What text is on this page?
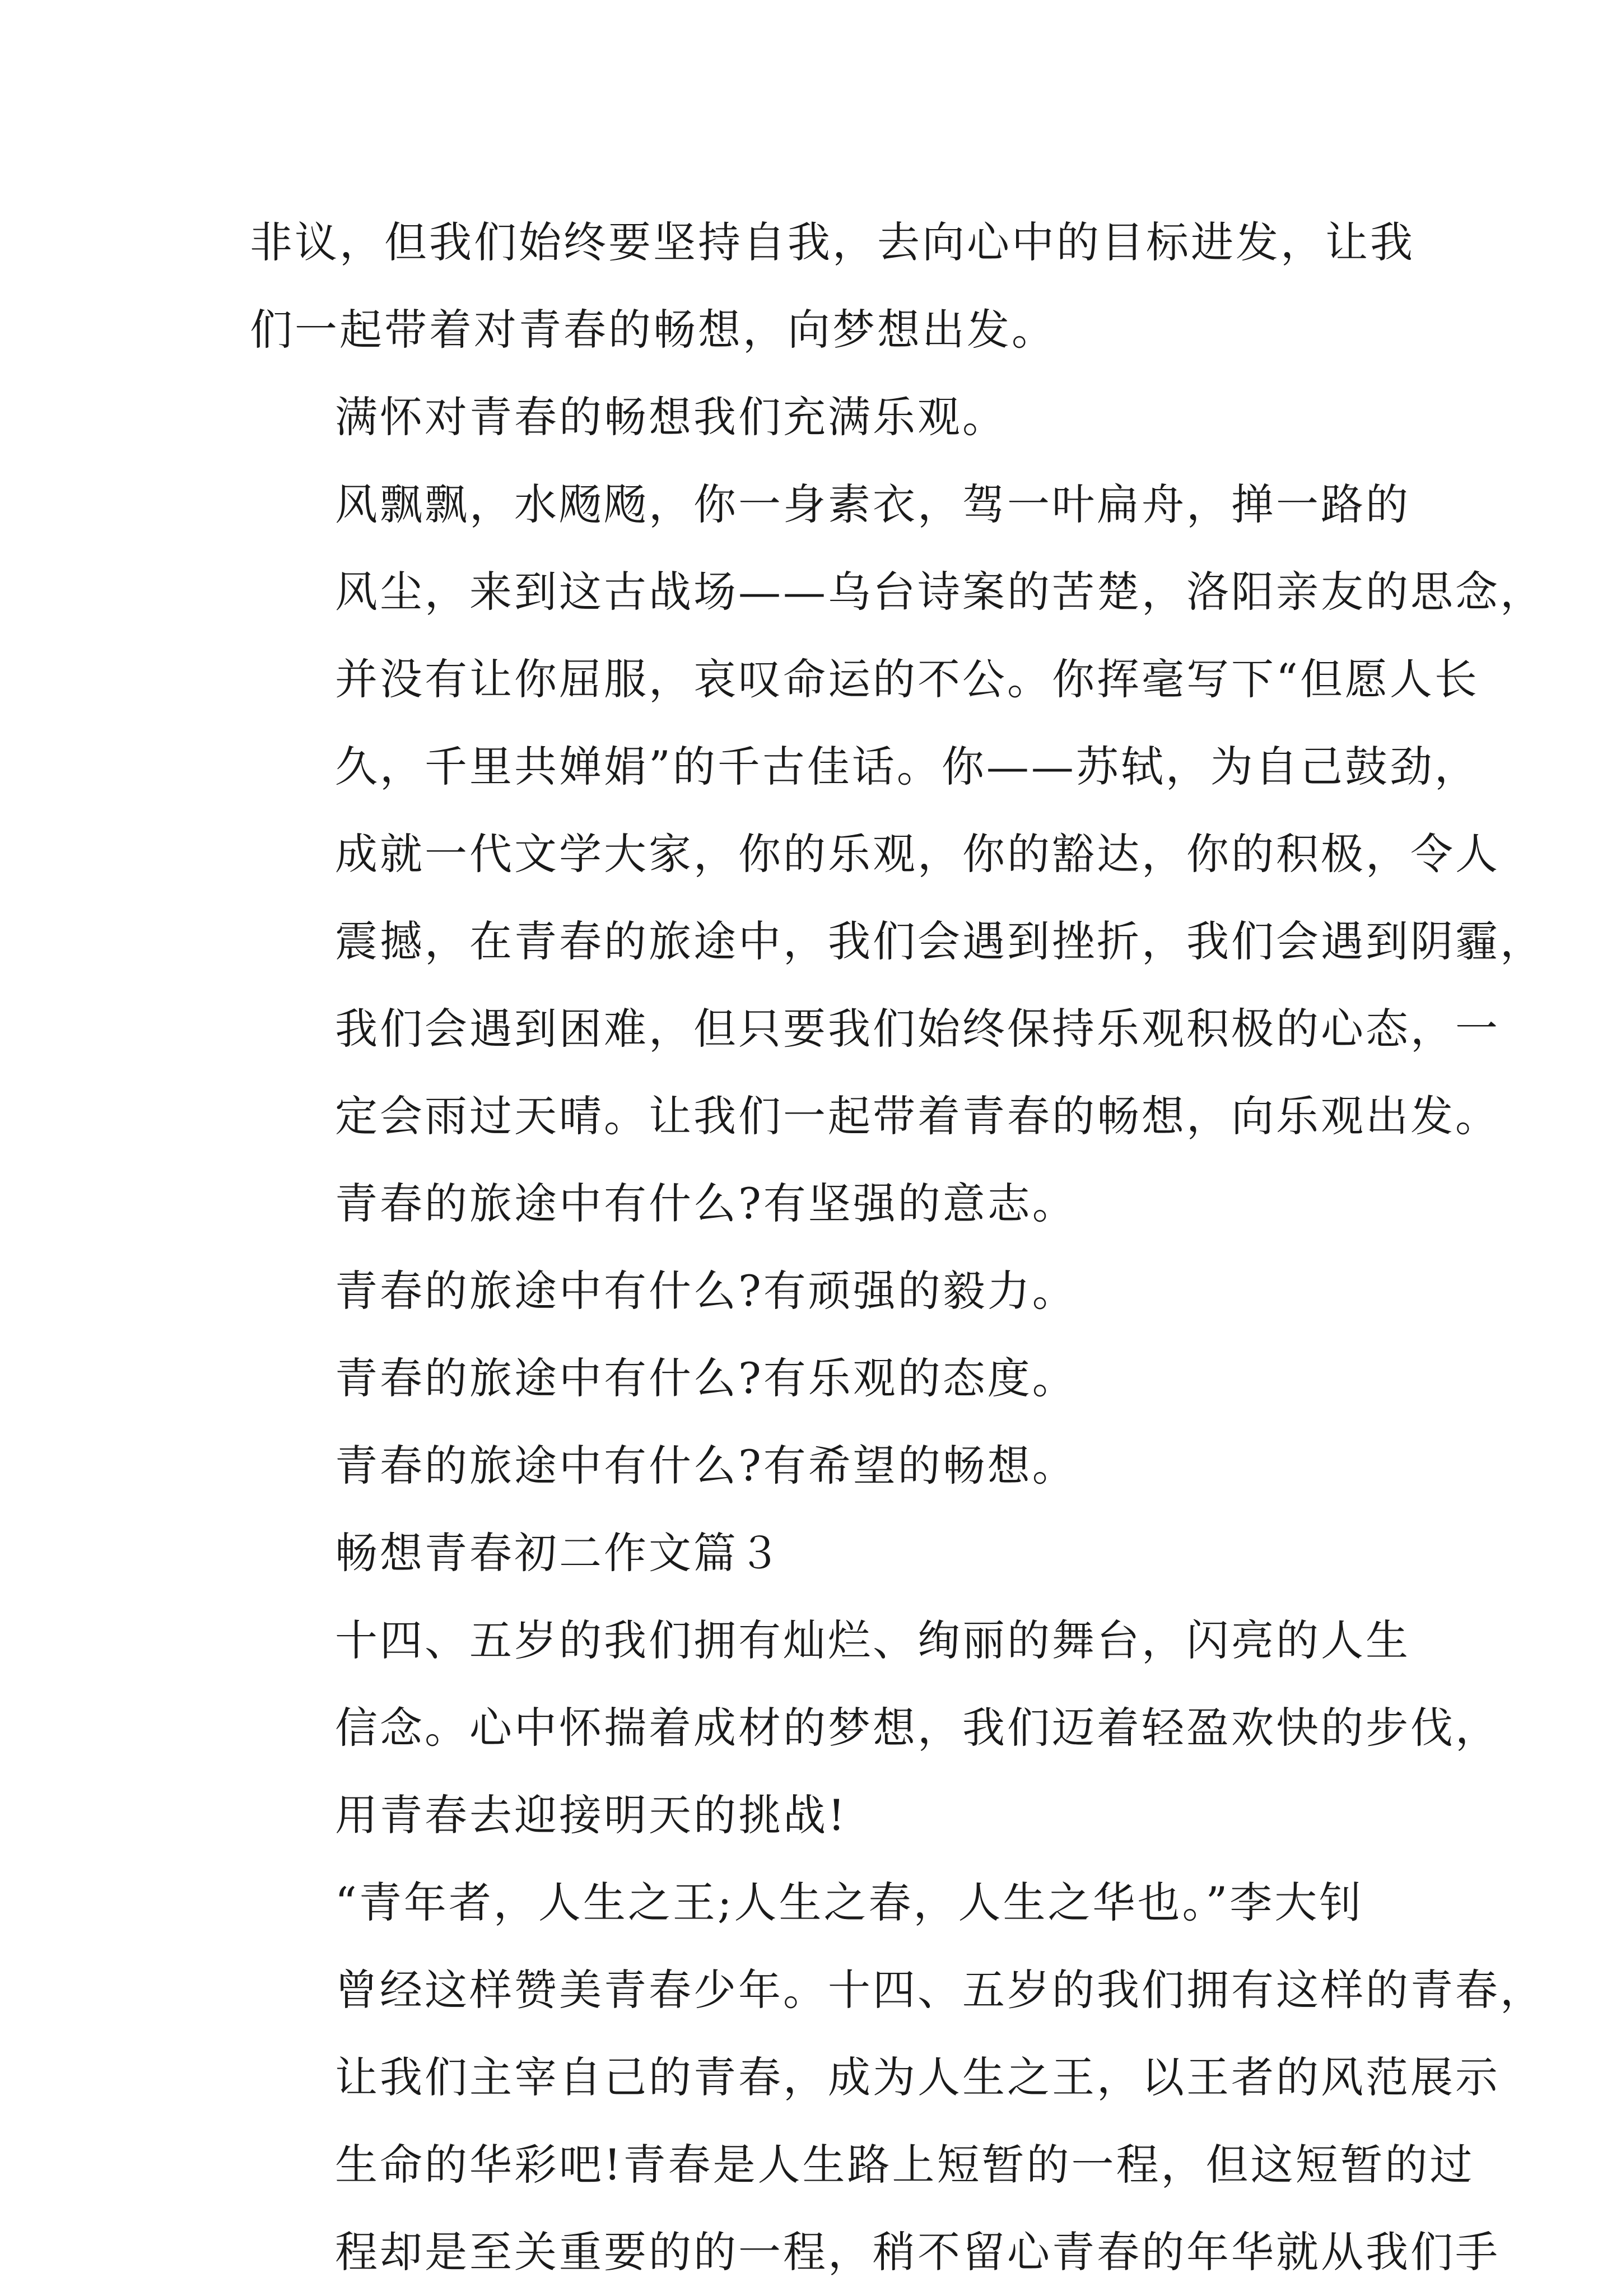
非议，但我们始终要坚持自我，去向心中的目标进发，让我
们一起带着对青春的畅想，向梦想出发。

满怀对青春的畅想我们充满乐观。

风飘飘，水飏飏，你一身素衣，驾一叶扁舟，掸一路的
风尘，来到这古战场——乌台诗案的苦楚，洛阳亲友的思念，
并没有让你屈服，哀叹命运的不公。你挥毫写下“但愿人长
久，千里共婵娟”的千古佳话。你——苏轼，为自己鼓劲，
成就一代文学大家，你的乐观，你的豁达，你的积极，令人
震撼，在青春的旅途中，我们会遇到挫折，我们会遇到阴霾，
我们会遇到困难，但只要我们始终保持乐观积极的心态，一
定会雨过天晴。让我们一起带着青春的畅想，向乐观出发。

青春的旅途中有什么?有坚强的意志。

青春的旅途中有什么?有顽强的毅力。

青春的旅途中有什么?有乐观的态度。

青春的旅途中有什么?有希望的畅想。

畅想青春初二作文篇３

十四、五岁的我们拥有灿烂、绚丽的舞台，闪亮的人生
信念。心中怀揣着成材的梦想，我们迈着轻盈欢快的步伐，
用青春去迎接明天的挑战!

“青年者，人生之王;人生之春，人生之华也。”李大钊
曾经这样赞美青春少年。十四、五岁的我们拥有这样的青春，
让我们主宰自己的青春，成为人生之王，以王者的风范展示
生命的华彩吧!青春是人生路上短暂的一程，但这短暂的过
程却是至关重要的的一程，稍不留心青春的年华就从我们手
